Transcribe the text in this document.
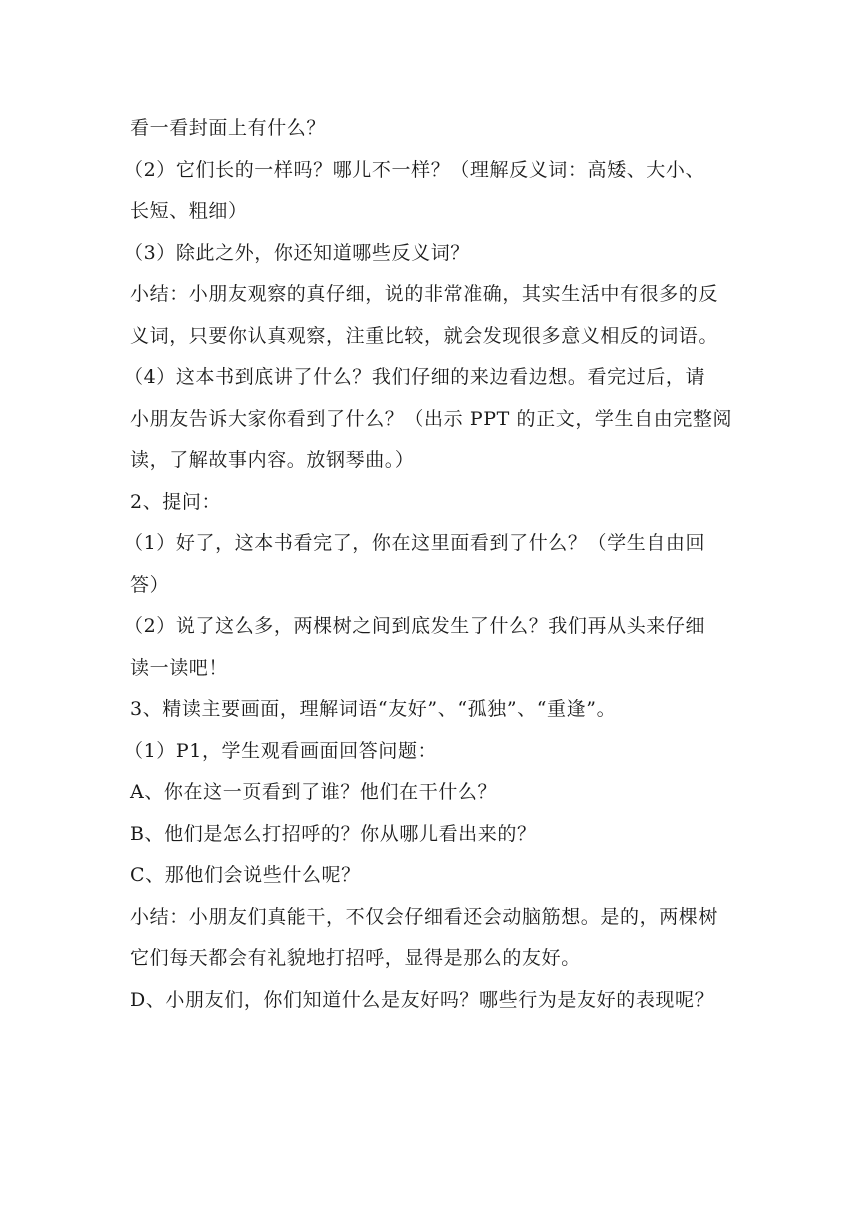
看一看封面上有什么？
（2）它们长的一样吗？哪儿不一样？（理解反义词：高矮、大小、
长短、粗细）
（3）除此之外，你还知道哪些反义词？
小结：小朋友观察的真仔细，说的非常准确，其实生活中有很多的反
义词，只要你认真观察，注重比较，就会发现很多意义相反的词语。
（4）这本书到底讲了什么？我们仔细的来边看边想。看完过后，请
小朋友告诉大家你看到了什么？（出示 PPT 的正文，学生自由完整阅
读，了解故事内容。放钢琴曲。）
2、提问：
（1）好了，这本书看完了，你在这里面看到了什么？（学生自由回
答）
（2）说了这么多，两棵树之间到底发生了什么？我们再从头来仔细
读一读吧！
3、精读主要画面，理解词语“友好”、“孤独”、“重逢”。
（1）P1，学生观看画面回答问题：
A、你在这一页看到了谁？他们在干什么？
B、他们是怎么打招呼的？你从哪儿看出来的？
C、那他们会说些什么呢？
小结：小朋友们真能干，不仅会仔细看还会动脑筋想。是的，两棵树
它们每天都会有礼貌地打招呼，显得是那么的友好。
D、小朋友们，你们知道什么是友好吗？哪些行为是友好的表现呢？
